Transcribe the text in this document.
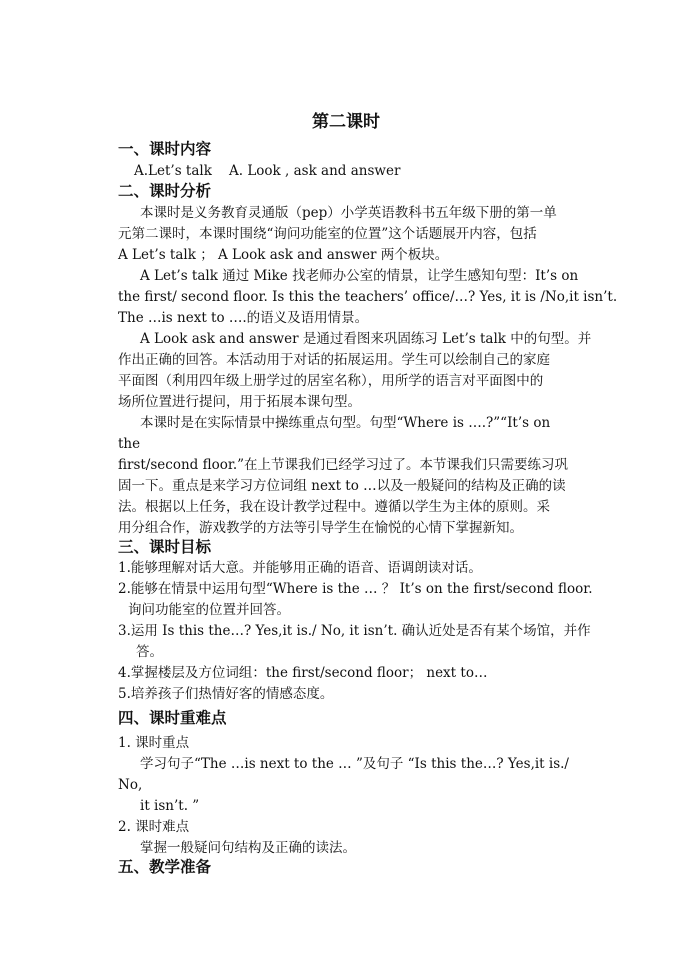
第二课时
一、课时内容
A.Let’s talk A. Look , ask and answer
二、课时分析
本课时是义务教育灵通版（pep）小学英语教科书五年级下册的第一单
元第二课时，本课时围绕“询问功能室的位置”这个话题展开内容，包括
A Let’s talk ； A Look ask and answer 两个板块。
A Let’s talk 通过 Mike 找老师办公室的情景，让学生感知句型：It’s on
the first/ second floor. Is this the teachers’ office/…? Yes, it is /No,it isn’t.
The …is next to ….的语义及语用情景。
A Look ask and answer 是通过看图来巩固练习 Let’s talk 中的句型。并
作出正确的回答。本活动用于对话的拓展运用。学生可以绘制自己的家庭
平面图（利用四年级上册学过的居室名称），用所学的语言对平面图中的
场所位置进行提问，用于拓展本课句型。
本课时是在实际情景中操练重点句型。句型“Where is ….?”“It’s on
the
first/second floor.”在上节课我们已经学习过了。本节课我们只需要练习巩
固一下。重点是来学习方位词组 next to …以及一般疑问的结构及正确的读
法。根据以上任务，我在设计教学过程中。遵循以学生为主体的原则。采
用分组合作，游戏教学的方法等引导学生在愉悦的心情下掌握新知。
三、课时目标
1.能够理解对话大意。并能够用正确的语音、语调朗读对话。
2.能够在情景中运用句型“Where is the … ？ It’s on the first/second floor.
询问功能室的位置并回答。
3.运用 Is this the…? Yes,it is./ No, it isn’t. 确认近处是否有某个场馆，并作
答。
4.掌握楼层及方位词组：the first/second floor； next to…
5.培养孩子们热情好客的情感态度。
四、课时重难点
1. 课时重点
学习句子“The …is next to the … ”及句子 “Is this the…? Yes,it is./
No,
it isn’t. ”
2. 课时难点
掌握一般疑问句结构及正确的读法。
五、教学准备
